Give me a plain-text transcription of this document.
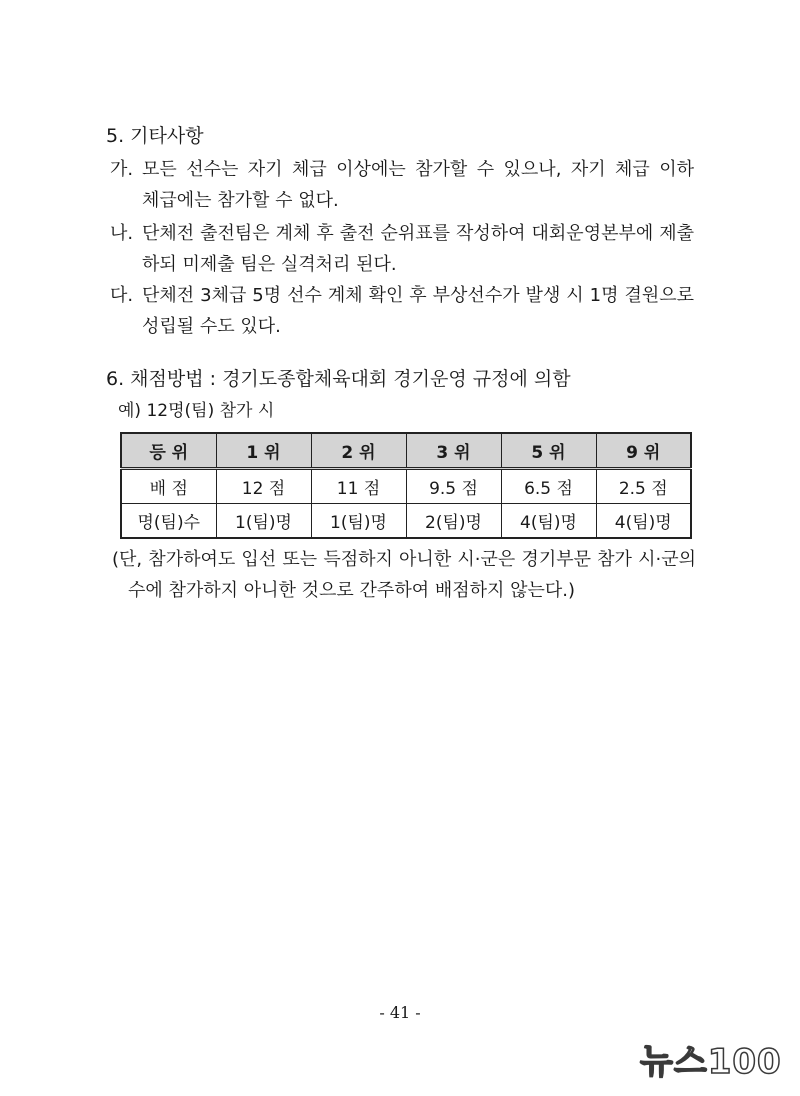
5. 기타사항
가. 모든 선수는 자기 체급 이상에는 참가할 수 있으나, 자기 체급 이하
체급에는 참가할 수 없다.
나. 단체전 출전팀은 계체 후 출전 순위표를 작성하여 대회운영본부에 제출
하되 미제출 팀은 실격처리 된다.
다. 단체전 3체급 5명 선수 계체 확인 후 부상선수가 발생 시 1명 결원으로
성립될 수도 있다.
6. 채점방법 : 경기도종합체육대회 경기운영 규정에 의함
예) 12명(팀) 참가 시
등 위	1 위	2 위	3 위	5 위	9 위
배 점	12 점	11 점	9.5 점	6.5 점	2.5 점
명(팀)수	1(팀)명	1(팀)명	2(팀)명	4(팀)명	4(팀)명
(단, 참가하여도 입선 또는 득점하지 아니한 시·군은 경기부문 참가 시·군의
수에 참가하지 아니한 것으로 간주하여 배점하지 않는다.)
- 41 -
뉴스100
